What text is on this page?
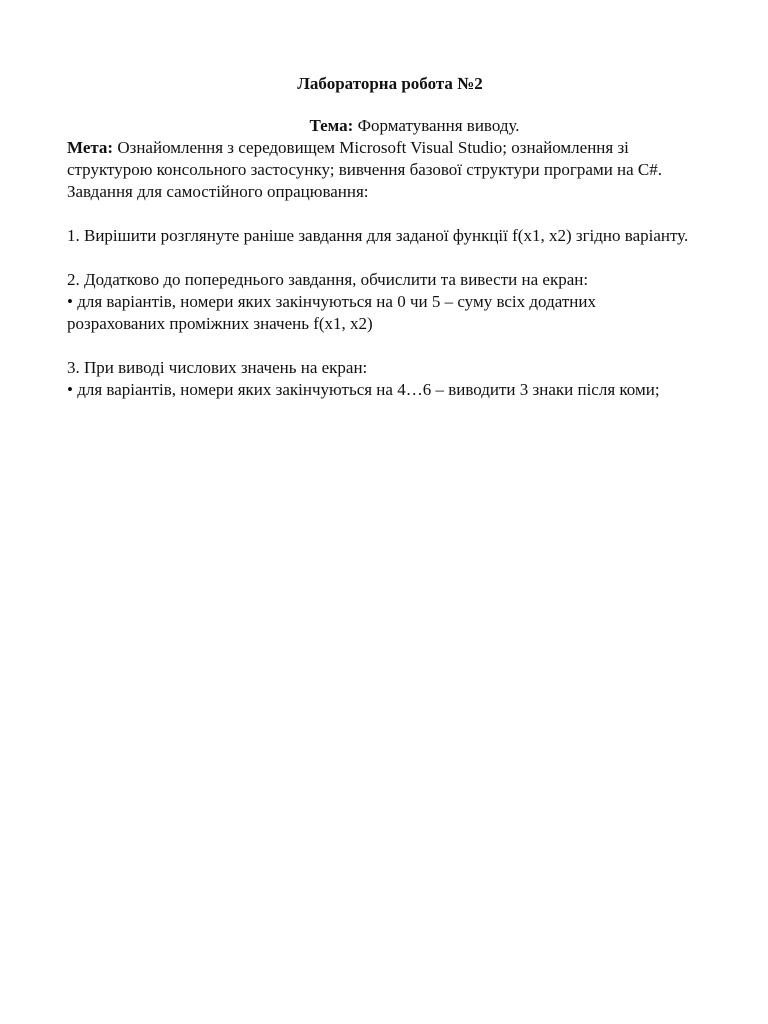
Лабораторна робота №2
Тема: Форматування виводу.
Мета: Ознайомлення з середовищем Microsoft Visual Studio; ознайомлення зі
структурою консольного застосунку; вивчення базової структури програми на C#.
Завдання для самостійного опрацювання:
1. Вирішити розглянуте раніше завдання для заданої функції f(x1, x2) згідно варіанту.
2. Додатково до попереднього завдання, обчислити та вивести на екран:
• для варіантів, номери яких закінчуються на 0 чи 5 – суму всіх додатних
розрахованих проміжних значень f(x1, x2)
3. При виводі числових значень на екран:
• для варіантів, номери яких закінчуються на 4…6 – виводити 3 знаки після коми;
